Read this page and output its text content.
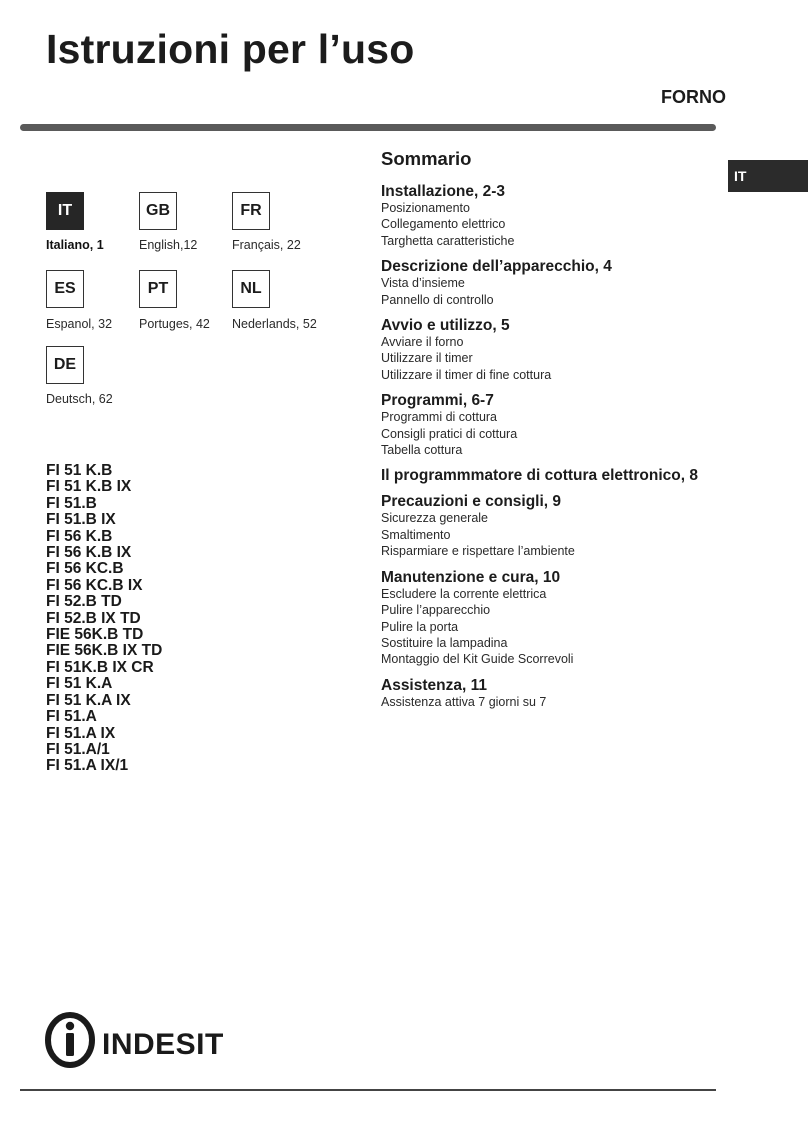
Istruzioni per l’uso
FORNO
IT
IT
Italiano, 1
GB
English,12
FR
Français, 22
ES
Espanol, 32
PT
Portuges, 42
NL
Nederlands, 52
DE
Deutsch, 62
FI 51 K.B
FI 51 K.B IX
FI 51.B
FI 51.B IX
FI 56 K.B
FI 56 K.B IX
FI 56 KC.B
FI 56 KC.B IX
FI 52.B TD
FI 52.B IX TD
FIE 56K.B TD
FIE 56K.B IX TD
FI 51K.B IX CR
FI 51 K.A
FI 51 K.A IX
FI 51.A
FI 51.A IX
FI 51.A/1
FI 51.A IX/1
Sommario

Installazione, 2-3

Posizionamento

Collegamento elettrico

Targhetta caratteristiche

Descrizione dell’apparecchio, 4

Vista d’insieme

Pannello di controllo

Avvio e utilizzo, 5

Avviare il forno

Utilizzare il timer

Utilizzare il timer di fine cottura

Programmi, 6-7

Programmi di cottura

Consigli pratici di cottura

Tabella cottura

Il programmmatore di cottura elettronico, 8

Precauzioni e consigli, 9

Sicurezza generale

Smaltimento

Risparmiare e rispettare l’ambiente

Manutenzione e cura, 10

Escludere la corrente elettrica

Pulire l’apparecchio

Pulire la porta

Sostituire la lampadina

Montaggio del Kit Guide Scorrevoli

Assistenza, 11

Assistenza attiva 7 giorni su 7

INDESIT
